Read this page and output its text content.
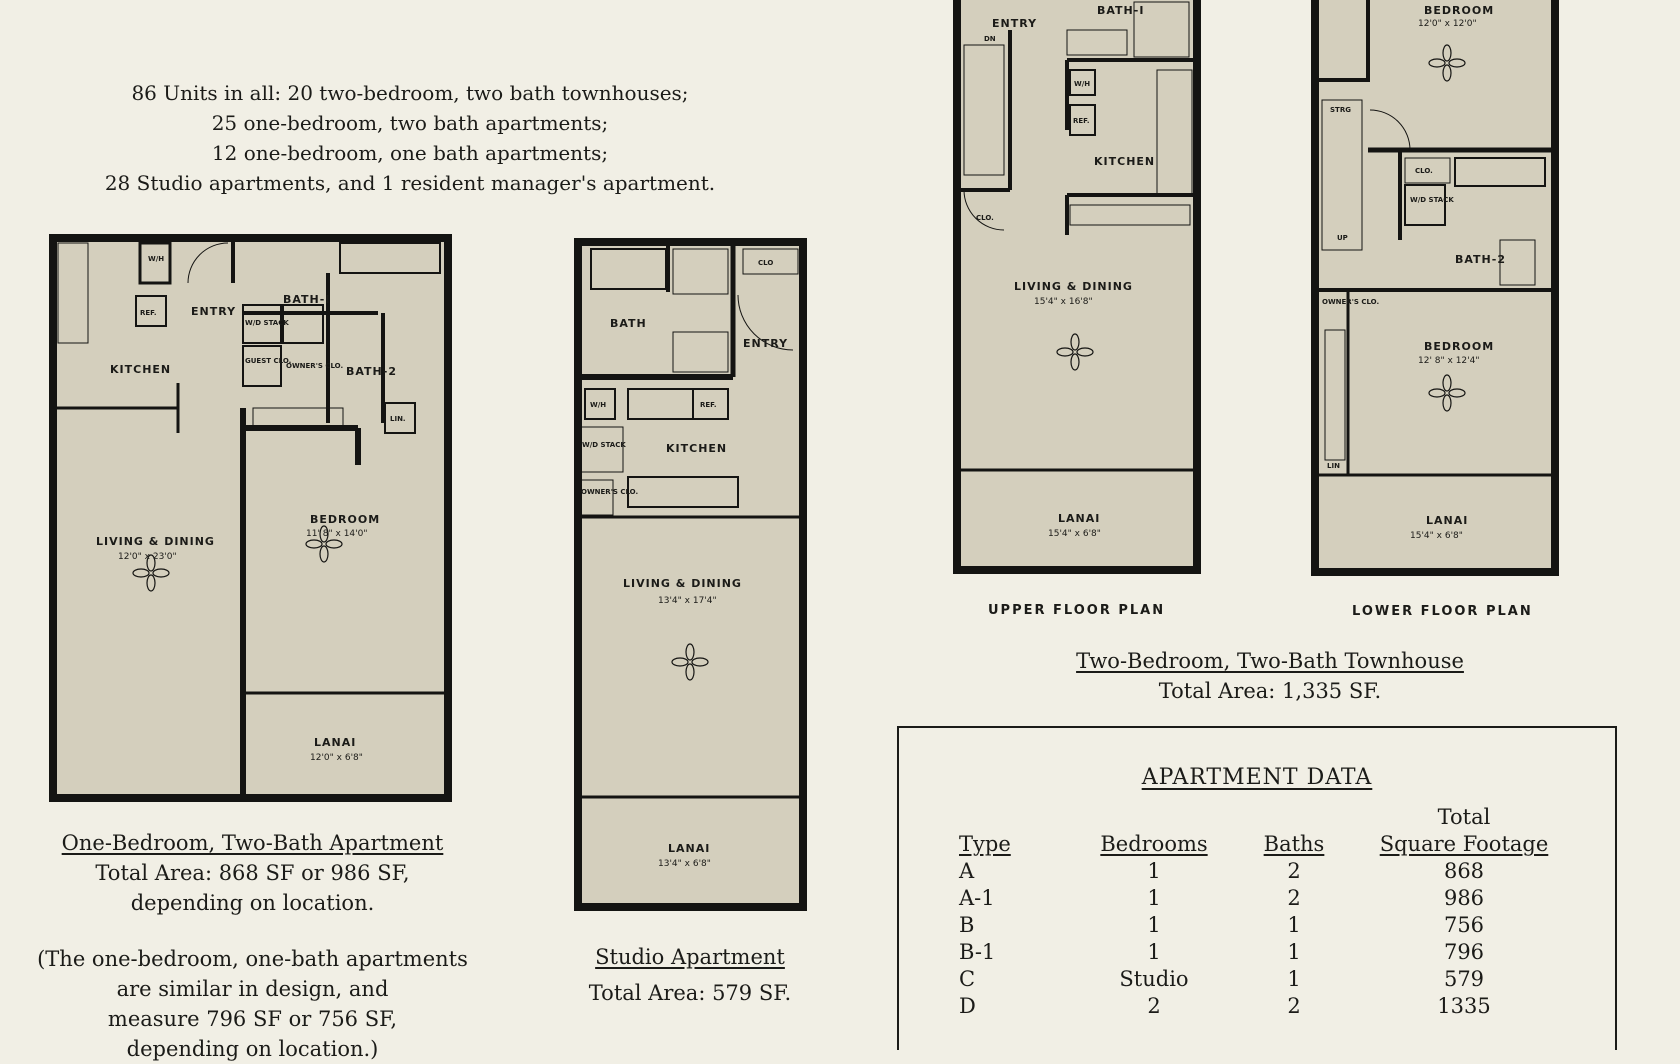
86 Units in all: 20 two-bedroom, two bath townhouses;
25 one-bedroom, two bath apartments;
12 one-bedroom, one bath apartments;
28 Studio apartments, and 1 resident manager's apartment.
W/H
REF.	ENTRY
BATH-I
KITCHEN
W/D STACK
BATH-2
GUEST CLO.
OWNER'S CLO.
LIN.
LIVING & DINING
12'0" x 23'0"
BEDROOM
11' 8" x 14'0"
LANAI
12'0" x 6'8"
One-Bedroom, Two-Bath Apartment
Total Area: 868 SF or 986 SF,
depending on location.
(The one-bedroom, one-bath apartments
are similar in design, and
measure 796 SF or 756 SF,
depending on location.)
BATH
CLO
ENTRY
W/H	REF.
W/D STACK	KITCHEN
OWNER'S CLO.
LIVING & DINING
13'4" x 17'4"
LANAI
13'4" x 6'8"
Studio Apartment
Total Area: 579 SF.
ENTRY
DN
BATH-I
W/H
REF.
KITCHEN
CLO.
LIVING & DINING
15'4" x 16'8"
LANAI
15'4" x 6'8"
UPPER FLOOR PLAN
BEDROOM
12'0" x 12'0"
STRG
CLO.
W/D STACK
UP
BATH-2
OWNER'S CLO.
BEDROOM
12' 8" x 12'4"
LIN
LANAI
15'4" x 6'8"
LOWER FLOOR PLAN
Two-Bedroom, Two-Bath Townhouse
Total Area: 1,335 SF.
APARTMENT DATA
Type	Bedrooms	Baths	Total
Square Footage
A	1	2	868
A-1	1	2	986
B	1	1	756
B-1	1	1	796
C	Studio	1	579
D	2	2	1335
